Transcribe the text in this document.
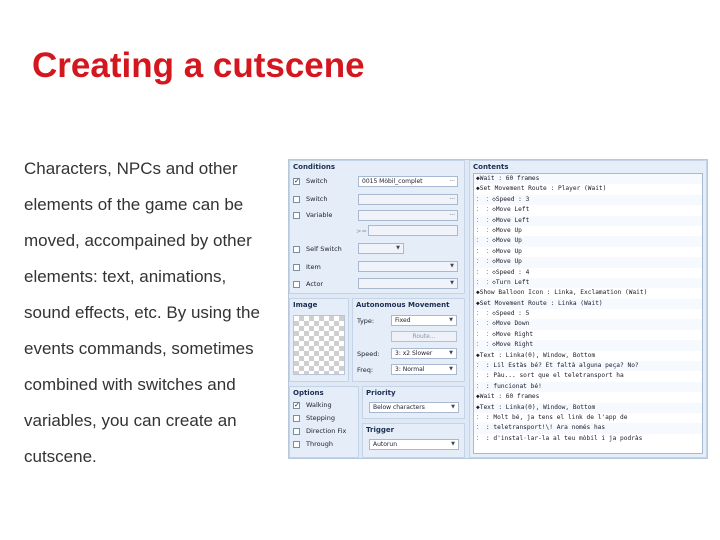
Creating a cutscene
Characters, NPCs and other
elements of the game can be
moved, accompained by other
elements: text, animations,
sound effects, etc. By using the
events commands, sometimes
combined with switches and
variables, you can create an
cutscene.
Conditions
✓ Switch	0015 Mòbil_complet	···
Switch	···
Variable	···
>=
Self Switch	▼
Item	▼
Actor	▼
Image	Autonomous Movement
Type:	Fixed	▼
Route...
Speed:	3: x2 Slower	▼
Freq:	3: Normal	▼
Options
✓ Walking
Stepping
Direction Fix
Through
Priority
Below characters	▼
Trigger
Autorun	▼
Contents
◆Wait : 60 frames
◆Set Movement Route : Player (Wait)
： ：◇Speed : 3
： ：◇Move Left
： ：◇Move Left
： ：◇Move Up
： ：◇Move Up
： ：◇Move Up
： ：◇Move Up
： ：◇Speed : 4
： ：◇Turn Left
◆Show Balloon Icon : Linka, Exclamation (Wait)
◆Set Movement Route : Linka (Wait)
： ：◇Speed : 5
： ：◇Move Down
： ：◇Move Right
： ：◇Move Right
◆Text : Linka(0), Window, Bottom
： : Lil Estàs bé? Et faltà alguna peça? No?
： : Pàu... sort que el teletransport ha
： : funcionat bé!
◆Wait : 60 frames
◆Text : Linka(0), Window, Bottom
： : Molt bé, ja tens el link de l'app de
： : teletransport!\! Ara només has
： : d'instal·lar-la al teu mòbil i ja podràs
